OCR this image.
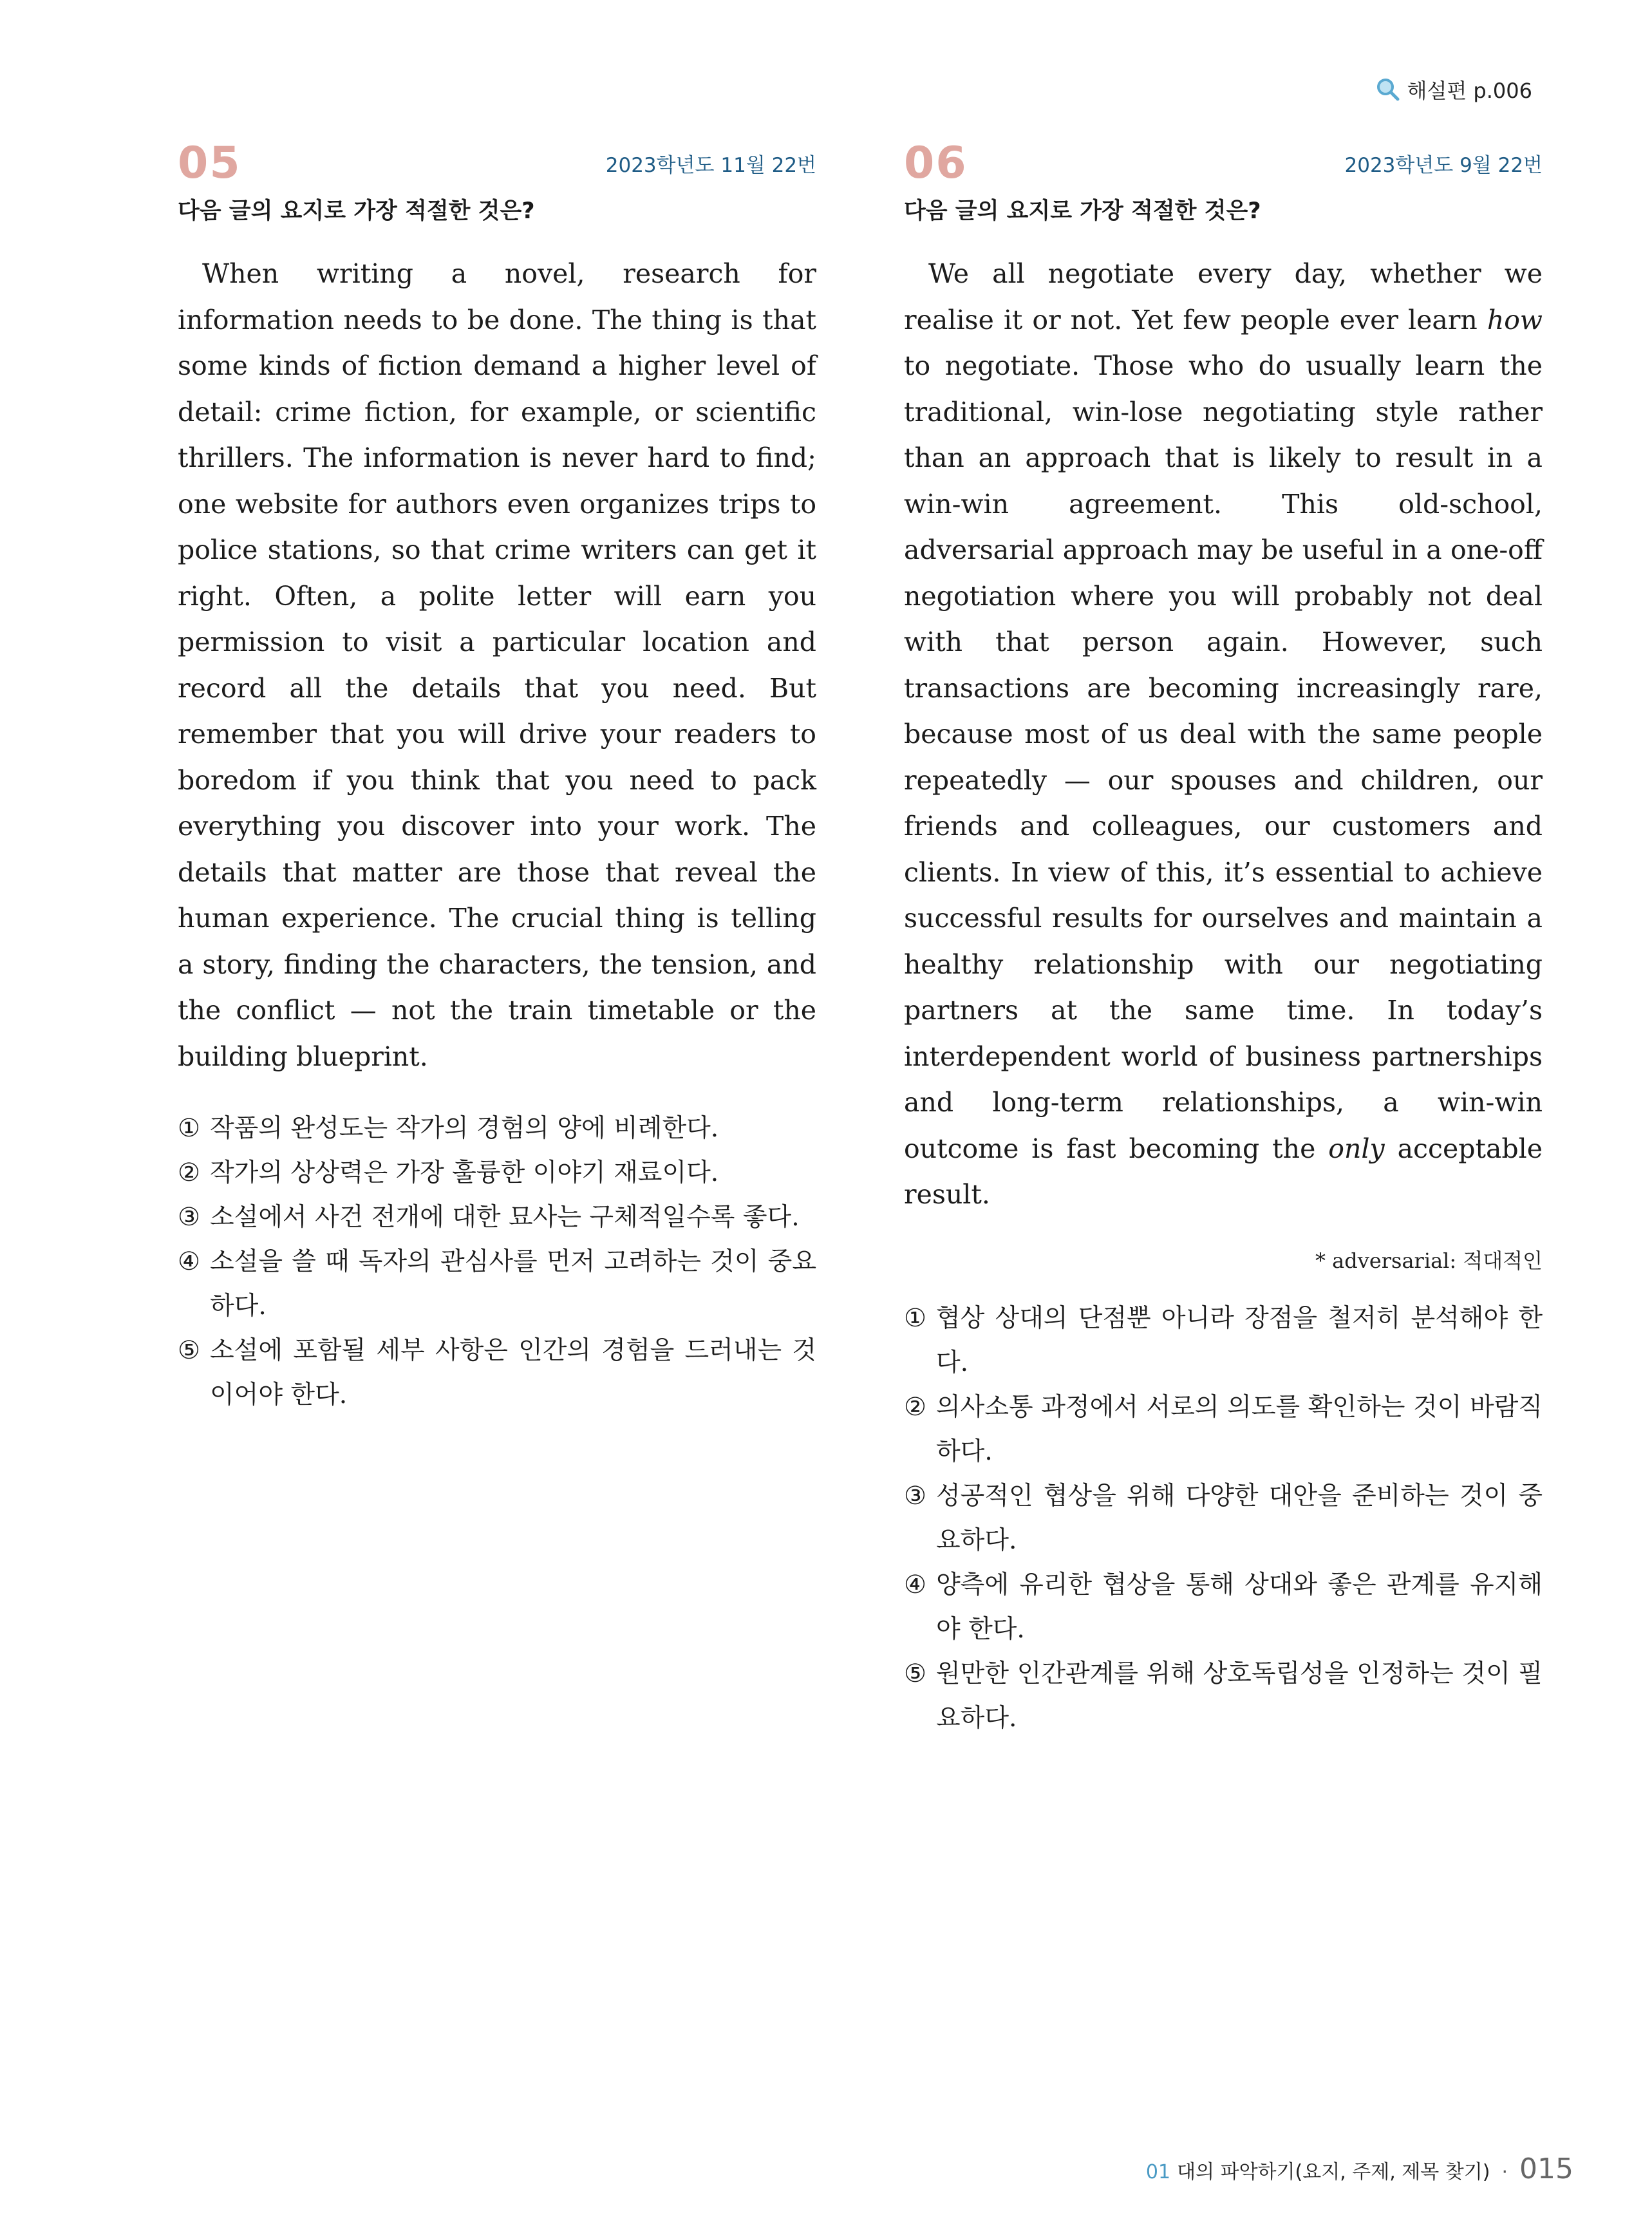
해설편 p.006
05	2023학년도 11월 22번
다음 글의 요지로 가장 적절한 것은?

When writing a novel, research for information needs to be done. The thing is that some kinds of fiction demand a higher level of detail: crime fiction, for example, or scientific thrillers. The information is never hard to find; one website for authors even organizes trips to police stations, so that crime writers can get it right. Often, a polite letter will earn you permission to visit a particular location and record all the details that you need. But remember that you will drive your readers to boredom if you think that you need to pack everything you discover into your work. The details that matter are those that reveal the human experience. The crucial thing is telling a story, finding the characters, the tension, and the conflict — not the train timetable or the building blueprint.

① 작품의 완성도는 작가의 경험의 양에 비례한다.
② 작가의 상상력은 가장 훌륭한 이야기 재료이다.
③ 소설에서 사건 전개에 대한 묘사는 구체적일수록 좋다.
④ 소설을 쓸 때 독자의 관심사를 먼저 고려하는 것이 중요하다.
⑤ 소설에 포함될 세부 사항은 인간의 경험을 드러내는 것이어야 한다.
06	2023학년도 9월 22번
다음 글의 요지로 가장 적절한 것은?

We all negotiate every day, whether we realise it or not. Yet few people ever learn how to negotiate. Those who do usually learn the traditional, win-lose negotiating style rather than an approach that is likely to result in a win-win agreement. This old-school, adversarial approach may be useful in a one-off negotiation where you will probably not deal with that person again. However, such transactions are becoming increasingly rare, because most of us deal with the same people repeatedly — our spouses and children, our friends and colleagues, our customers and clients. In view of this, it’s essential to achieve successful results for ourselves and maintain a healthy relationship with our negotiating partners at the same time. In today’s interdependent world of business partnerships and long-term relationships, a win-win outcome is fast becoming the only acceptable result.

* adversarial: 적대적인
① 협상 상대의 단점뿐 아니라 장점을 철저히 분석해야 한다.
② 의사소통 과정에서 서로의 의도를 확인하는 것이 바람직하다.
③ 성공적인 협상을 위해 다양한 대안을 준비하는 것이 중요하다.
④ 양측에 유리한 협상을 통해 상대와 좋은 관계를 유지해야 한다.
⑤ 원만한 인간관계를 위해 상호독립성을 인정하는 것이 필요하다.
01 대의 파악하기(요지, 주제, 제목 찾기) · 015
